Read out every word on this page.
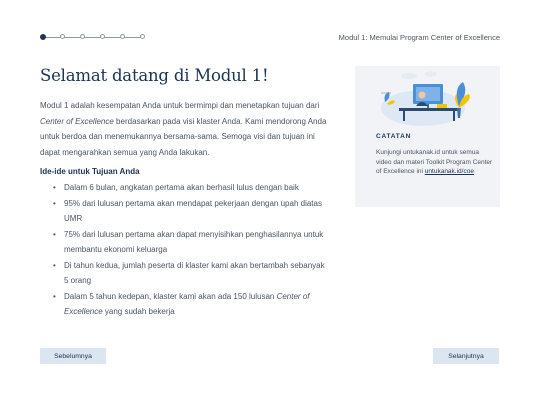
Modul 1: Memulai Program Center of Excellence
Selamat datang di Modul 1!

Modul 1 adalah kesempatan Anda untuk bermimpi dan menetapkan tujuan dari Center of Excellence berdasarkan pada visi klaster Anda. Kami mendorong Anda untuk berdoa dan menemukannya bersama-sama. Semoga visi dan tujuan ini dapat mengarahkan semua yang Anda lakukan.

Ide-ide untuk Tujuan Anda
• Dalam 6 bulan, angkatan pertama akan berhasil lulus dengan baik
• 95% dari lulusan pertama akan mendapat pekerjaan dengan upah diatas UMR
• 75% dari lulusan pertama akan dapat menyisihkan penghasilannya untuk membantu ekonomi keluarga
• Di tahun kedua, jumlah peserta di klaster kami akan bertambah sebanyak 5 orang
• Dalam 5 tahun kedepan, klaster kami akan ada 150 lulusan Center of Excellence yang sudah bekerja
CATATAN
Kunjungi untukanak.id untuk semua video dan materi Toolkit Program Center of Excellence ini untukanak.id/coe
Sebelumnya	Selanjutnya
